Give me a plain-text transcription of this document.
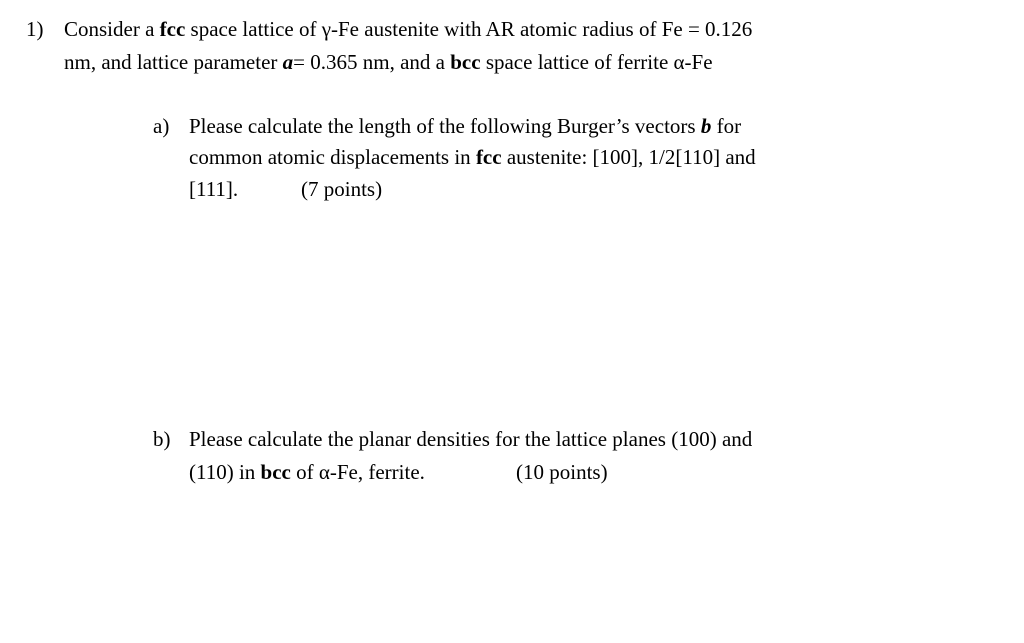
1) Consider a fcc space lattice of γ-Fe austenite with AR atomic radius of Fe = 0.126
nm, and lattice parameter a= 0.365 nm, and a bcc space lattice of ferrite α-Fe
a) Please calculate the length of the following Burger’s vectors b for
common atomic displacements in fcc austenite: [100], 1/2[110] and
[111].	(7 points)
b) Please calculate the planar densities for the lattice planes (100) and
(110) in bcc of α-Fe, ferrite.	(10 points)
